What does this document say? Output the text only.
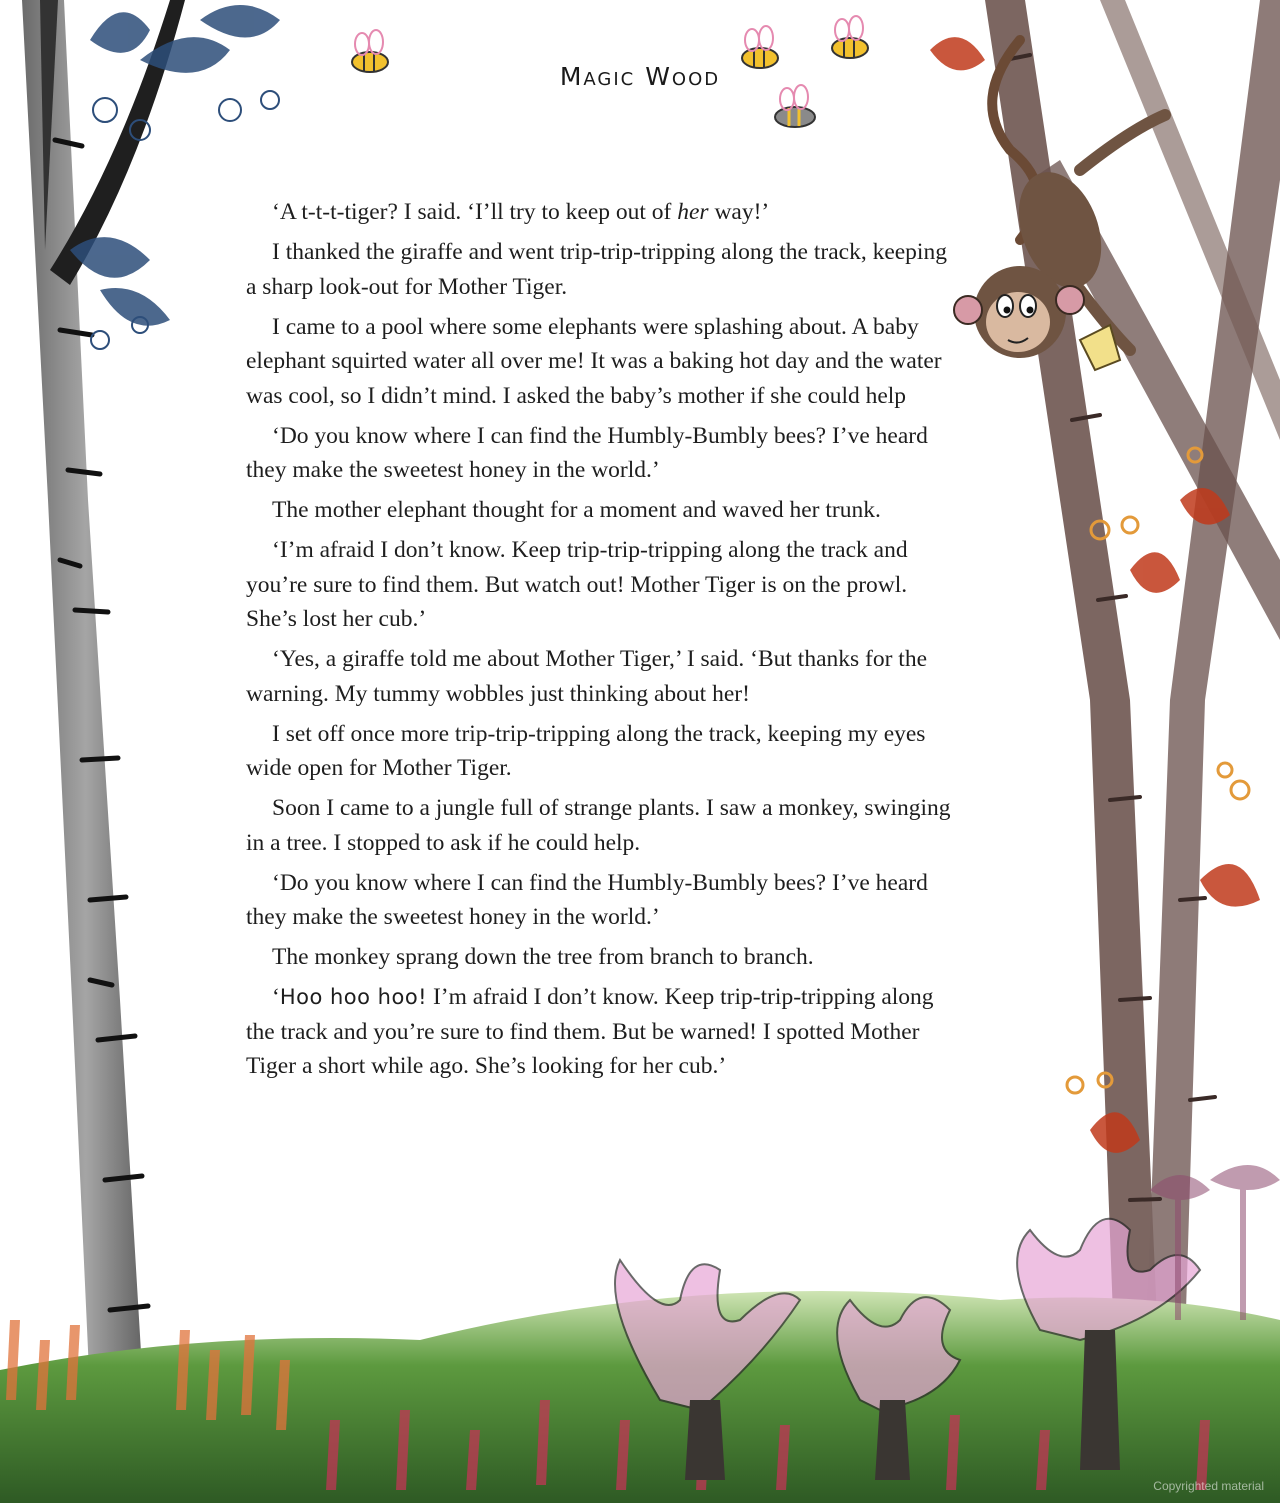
Magic Wood

‘A t-t-t-tiger? I said. ‘I’ll try to keep out of her way!’

I thanked the giraffe and went trip-trip-tripping along the track, keeping a sharp look-out for Mother Tiger.

I came to a pool where some elephants were splashing about. A baby elephant squirted water all over me! It was a baking hot day and the water was cool, so I didn’t mind. I asked the baby’s mother if she could help

‘Do you know where I can find the Humbly-Bumbly bees? I’ve heard they make the sweetest honey in the world.’

The mother elephant thought for a moment and waved her trunk.

‘I’m afraid I don’t know. Keep trip-trip-tripping along the track and you’re sure to find them. But watch out! Mother Tiger is on the prowl. She’s lost her cub.’

‘Yes, a giraffe told me about Mother Tiger,’ I said. ‘But thanks for the warning. My tummy wobbles just thinking about her!

I set off once more trip-trip-tripping along the track, keeping my eyes wide open for Mother Tiger.

Soon I came to a jungle full of strange plants. I saw a monkey, swinging in a tree. I stopped to ask if he could help.

‘Do you know where I can find the Humbly-Bumbly bees? I’ve heard they make the sweetest honey in the world.’

The monkey sprang down the tree from branch to branch.

‘Hoo hoo hoo! I’m afraid I don’t know. Keep trip-trip-tripping along the track and you’re sure to find them. But be warned! I spotted Mother Tiger a short while ago. She’s looking for her cub.’

Copyrighted material
